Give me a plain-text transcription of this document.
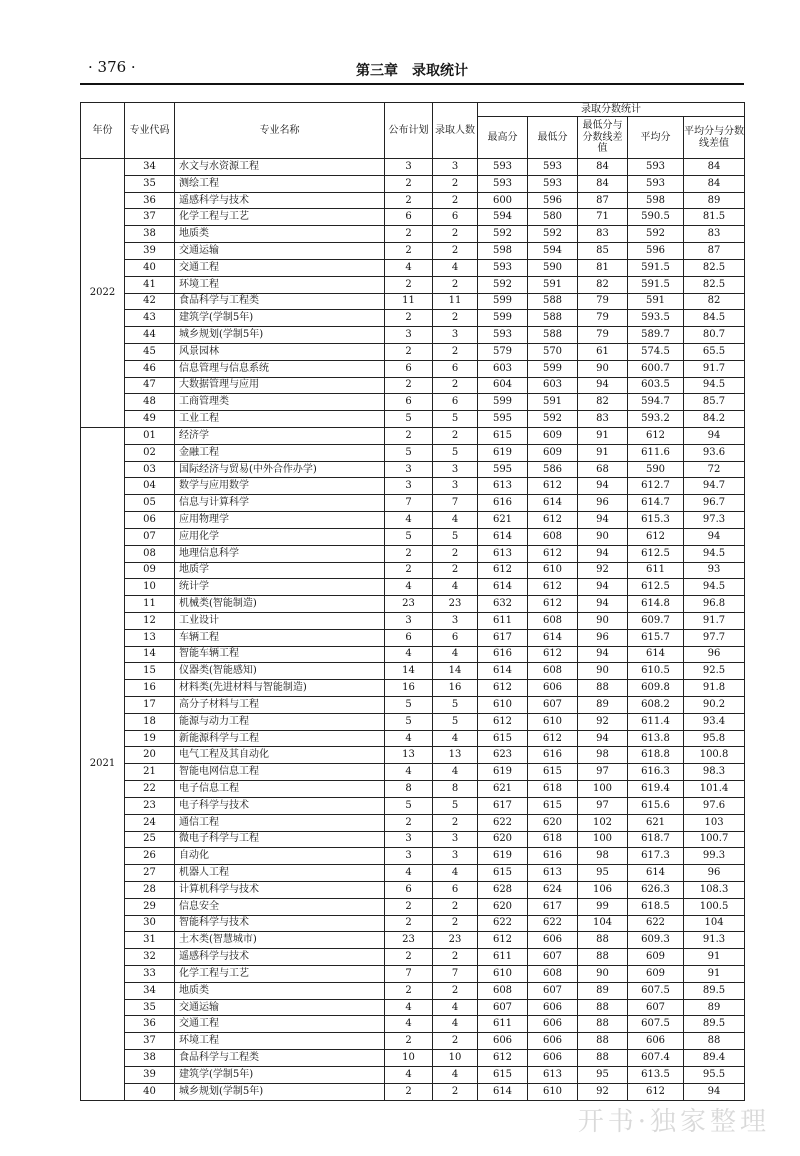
· 376 ·	第三章　录取统计
年份	专业代码	专业名称	公布计划	录取人数	录取分数统计				
					最高分	最低分	最低分与分数线差值	平均分	平均分与分数线差值
2022	34	水文与水资源工程	3	3	593	593	84	593	84
	35	测绘工程	2	2	593	593	84	593	84
	36	遥感科学与技术	2	2	600	596	87	598	89
	37	化学工程与工艺	6	6	594	580	71	590.5	81.5
	38	地质类	2	2	592	592	83	592	83
	39	交通运输	2	2	598	594	85	596	87
	40	交通工程	4	4	593	590	81	591.5	82.5
	41	环境工程	2	2	592	591	82	591.5	82.5
	42	食品科学与工程类	11	11	599	588	79	591	82
	43	建筑学(学制5年)	2	2	599	588	79	593.5	84.5
	44	城乡规划(学制5年)	3	3	593	588	79	589.7	80.7
	45	风景园林	2	2	579	570	61	574.5	65.5
	46	信息管理与信息系统	6	6	603	599	90	600.7	91.7
	47	大数据管理与应用	2	2	604	603	94	603.5	94.5
	48	工商管理类	6	6	599	591	82	594.7	85.7
	49	工业工程	5	5	595	592	83	593.2	84.2
2021	01	经济学	2	2	615	609	91	612	94
	02	金融工程	5	5	619	609	91	611.6	93.6
	03	国际经济与贸易(中外合作办学)	3	3	595	586	68	590	72
	04	数学与应用数学	3	3	613	612	94	612.7	94.7
	05	信息与计算科学	7	7	616	614	96	614.7	96.7
	06	应用物理学	4	4	621	612	94	615.3	97.3
	07	应用化学	5	5	614	608	90	612	94
	08	地理信息科学	2	2	613	612	94	612.5	94.5
	09	地质学	2	2	612	610	92	611	93
	10	统计学	4	4	614	612	94	612.5	94.5
	11	机械类(智能制造)	23	23	632	612	94	614.8	96.8
	12	工业设计	3	3	611	608	90	609.7	91.7
	13	车辆工程	6	6	617	614	96	615.7	97.7
	14	智能车辆工程	4	4	616	612	94	614	96
	15	仪器类(智能感知)	14	14	614	608	90	610.5	92.5
	16	材料类(先进材料与智能制造)	16	16	612	606	88	609.8	91.8
	17	高分子材料与工程	5	5	610	607	89	608.2	90.2
	18	能源与动力工程	5	5	612	610	92	611.4	93.4
	19	新能源科学与工程	4	4	615	612	94	613.8	95.8
	20	电气工程及其自动化	13	13	623	616	98	618.8	100.8
	21	智能电网信息工程	4	4	619	615	97	616.3	98.3
	22	电子信息工程	8	8	621	618	100	619.4	101.4
	23	电子科学与技术	5	5	617	615	97	615.6	97.6
	24	通信工程	2	2	622	620	102	621	103
	25	微电子科学与工程	3	3	620	618	100	618.7	100.7
	26	自动化	3	3	619	616	98	617.3	99.3
	27	机器人工程	4	4	615	613	95	614	96
	28	计算机科学与技术	6	6	628	624	106	626.3	108.3
	29	信息安全	2	2	620	617	99	618.5	100.5
	30	智能科学与技术	2	2	622	622	104	622	104
	31	土木类(智慧城市)	23	23	612	606	88	609.3	91.3
	32	遥感科学与技术	2	2	611	607	88	609	91
	33	化学工程与工艺	7	7	610	608	90	609	91
	34	地质类	2	2	608	607	89	607.5	89.5
	35	交通运输	4	4	607	606	88	607	89
	36	交通工程	4	4	611	606	88	607.5	89.5
	37	环境工程	2	2	606	606	88	606	88
	38	食品科学与工程类	10	10	612	606	88	607.4	89.4
	39	建筑学(学制5年)	4	4	615	613	95	613.5	95.5
	40	城乡规划(学制5年)	2	2	614	610	92	612	94
开书·独家整理
